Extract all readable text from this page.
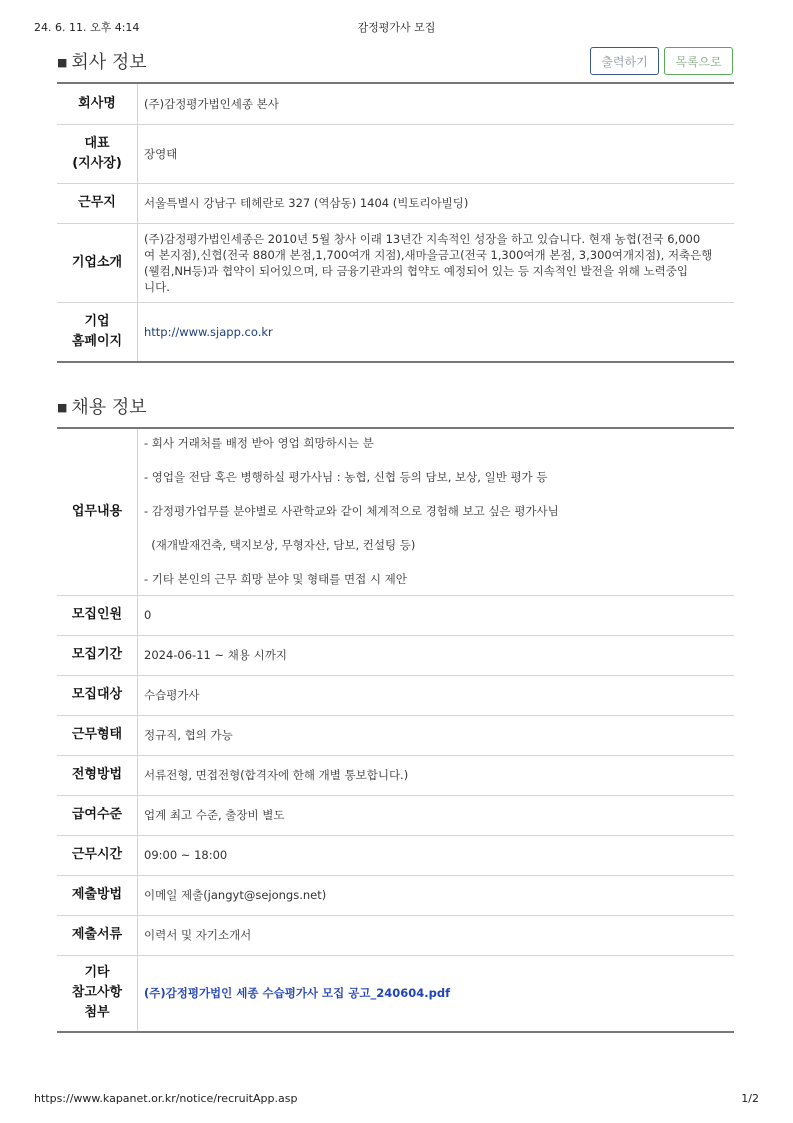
24. 6. 11. 오후 4:14	감정평가사 모집
■ 회사 정보	출력하기	목록으로
회사명	(주)감정평가법인세종 본사

대표
(지사장)	장영태
근무지	서울특별시 강남구 테헤란로 327 (역삼동) 1404 (빅토리아빌딩)
기업소개	(주)감정평가법인세종은 2010년 5월 창사 이래 13년간 지속적인 성장을 하고 있습니다. 현재 농협(전국 6,000

여 본지점),신협(전국 880개 본점,1,700여개 지점),새마을금고(전국 1,300여개 본점, 3,300여개지점), 저축은행

(웰컴,NH등)과 협약이 되어있으며, 타 금융기관과의 협약도 예정되어 있는 등 지속적인 발전을 위해 노력중입

니다.

기업
홈페이지	http://www.sjapp.co.kr
■ 채용 정보
업무내용	- 회사 거래처를 배정 받아 영업 희망하시는 분
- 영업을 전담 혹은 병행하실 평가사님 : 농협, 신협 등의 담보, 보상, 일반 평가 등
- 감정평가업무를 분야별로 사관학교와 같이 체계적으로 경험해 보고 싶은 평가사님
(재개발재건축, 택지보상, 무형자산, 담보, 컨설팅 등)
- 기타 본인의 근무 희망 분야 및 형태를 면접 시 제안

모집인원	0
모집기간	2024-06-11 ~ 채용 시까지
모집대상	수습평가사
근무형태	정규직, 협의 가능
전형방법	서류전형, 면접전형(합격자에 한해 개별 통보합니다.)
급여수준	업계 최고 수준, 출장비 별도
근무시간	09:00 ~ 18:00
제출방법	이메일 제출(jangyt@sejongs.net)
제출서류	이력서 및 자기소개서

기타
참고사항
첨부	(주)감정평가법인 세종 수습평가사 모집 공고_240604.pdf
https://www.kapanet.or.kr/notice/recruitApp.asp	1/2
